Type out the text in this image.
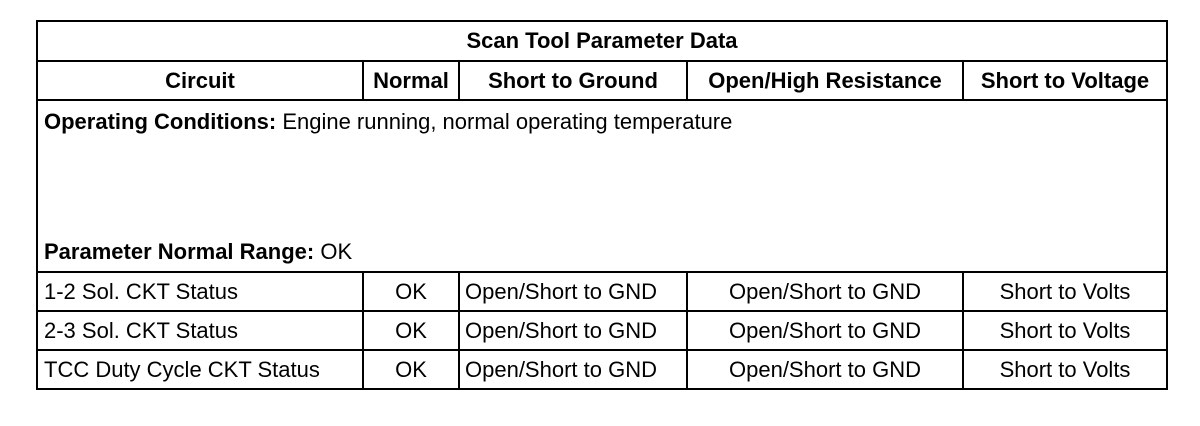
Scan Tool Parameter Data				
Circuit	Normal	Short to Ground	Open/High Resistance	Short to Voltage

Operating Conditions: Engine running, normal operating temperature
Parameter Normal Range: OK				

1-2 Sol. CKT Status	OK	Open/Short to GND	Open/Short to GND	Short to Volts
2-3 Sol. CKT Status	OK	Open/Short to GND	Open/Short to GND	Short to Volts
TCC Duty Cycle CKT Status	OK	Open/Short to GND	Open/Short to GND	Short to Volts
